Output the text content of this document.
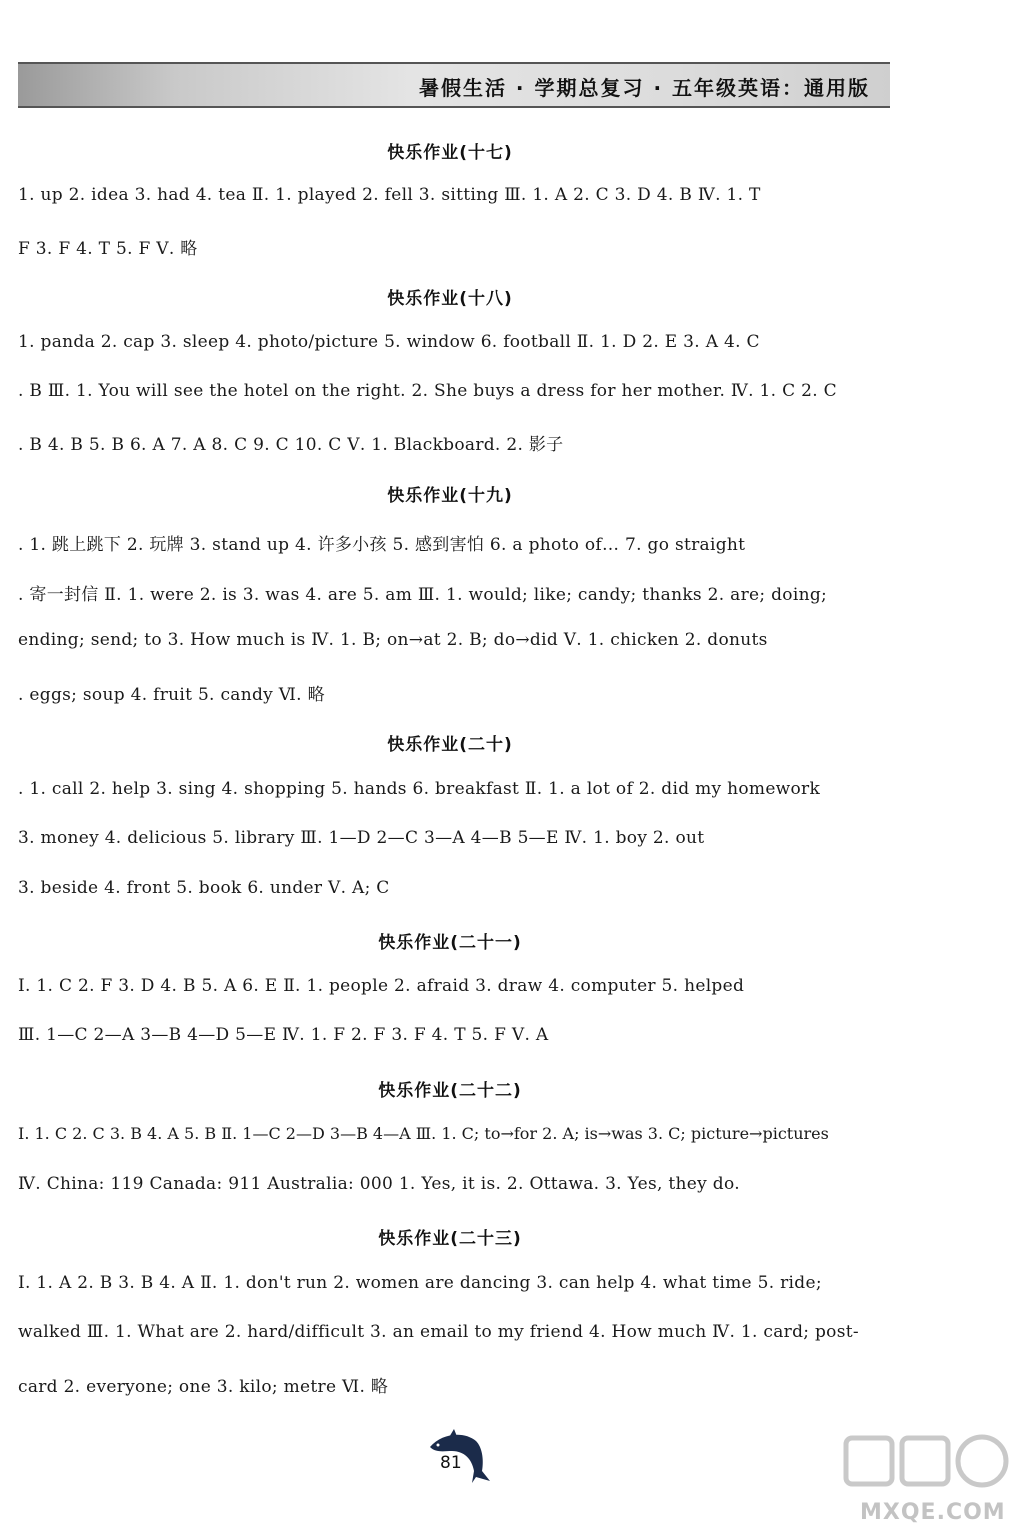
暑假生活 · 学期总复习 · 五年级英语：通用版
快乐作业(十七)
1. up 2. idea 3. had 4. tea Ⅱ. 1. played 2. fell 3. sitting Ⅲ. 1. A 2. C 3. D 4. B Ⅳ. 1. T
F 3. F 4. T 5. F Ⅴ. 略
快乐作业(十八)
1. panda 2. cap 3. sleep 4. photo/picture 5. window 6. football Ⅱ. 1. D 2. E 3. A 4. C
. B Ⅲ. 1. You will see the hotel on the right. 2. She buys a dress for her mother. Ⅳ. 1. C 2. C
. B 4. B 5. B 6. A 7. A 8. C 9. C 10. C Ⅴ. 1. Blackboard. 2. 影子
快乐作业(十九)
. 1. 跳上跳下 2. 玩牌 3. stand up 4. 许多小孩 5. 感到害怕 6. a photo of… 7. go straight
. 寄一封信 Ⅱ. 1. were 2. is 3. was 4. are 5. am Ⅲ. 1. would; like; candy; thanks 2. are; doing;
ending; send; to 3. How much is Ⅳ. 1. B; on→at 2. B; do→did Ⅴ. 1. chicken 2. donuts
. eggs; soup 4. fruit 5. candy Ⅵ. 略
快乐作业(二十)
. 1. call 2. help 3. sing 4. shopping 5. hands 6. breakfast Ⅱ. 1. a lot of 2. did my homework
3. money 4. delicious 5. library Ⅲ. 1—D 2—C 3—A 4—B 5—E Ⅳ. 1. boy 2. out
3. beside 4. front 5. book 6. under Ⅴ. A; C
快乐作业(二十一)
Ⅰ. 1. C 2. F 3. D 4. B 5. A 6. E Ⅱ. 1. people 2. afraid 3. draw 4. computer 5. helped
Ⅲ. 1—C 2—A 3—B 4—D 5—E Ⅳ. 1. F 2. F 3. F 4. T 5. F Ⅴ. A
快乐作业(二十二)
Ⅰ. 1. C 2. C 3. B 4. A 5. B Ⅱ. 1—C 2—D 3—B 4—A Ⅲ. 1. C; to→for 2. A; is→was 3. C; picture→pictures
Ⅳ. China: 119 Canada: 911 Australia: 000 1. Yes, it is. 2. Ottawa. 3. Yes, they do.
快乐作业(二十三)
Ⅰ. 1. A 2. B 3. B 4. A Ⅱ. 1. don't run 2. women are dancing 3. can help 4. what time 5. ride;
walked Ⅲ. 1. What are 2. hard/difficult 3. an email to my friend 4. How much Ⅳ. 1. card; post-
card 2. everyone; one 3. kilo; metre Ⅵ. 略
81
MXQE.COM
